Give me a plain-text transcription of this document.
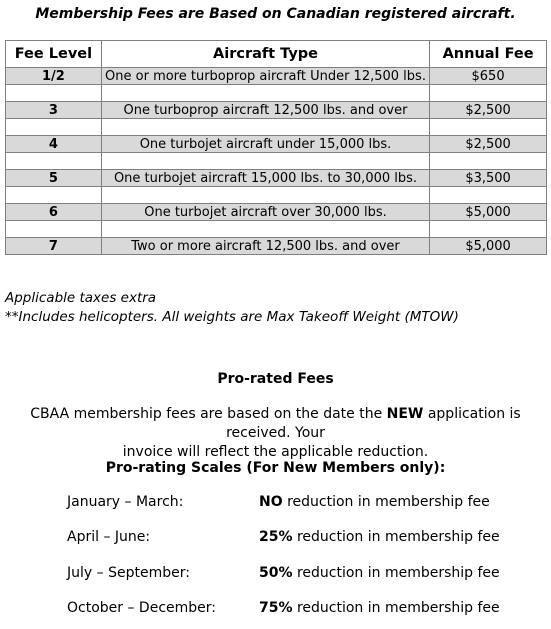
Membership Fees are Based on Canadian registered aircraft.
Fee Level	Aircraft Type	Annual Fee
1/2	One or more turboprop aircraft Under 12,500 lbs.	$650

3	One turboprop aircraft 12,500 lbs. and over	$2,500

4	One turbojet aircraft under 15,000 lbs.	$2,500

5	One turbojet aircraft 15,000 lbs. to 30,000 lbs.	$3,500

6	One turbojet aircraft over 30,000 lbs.	$5,000

7	Two or more aircraft 12,500 lbs. and over	$5,000
Applicable taxes extra
**Includes helicopters. All weights are Max Takeoff Weight (MTOW)
Pro-rated Fees
CBAA membership fees are based on the date the NEW application is received. Your
invoice will reflect the applicable reduction.
Pro-rating Scales (For New Members only):
January – March:	NO reduction in membership fee
April – June:	25% reduction in membership fee
July – September:	50% reduction in membership fee
October – December:	75% reduction in membership fee
